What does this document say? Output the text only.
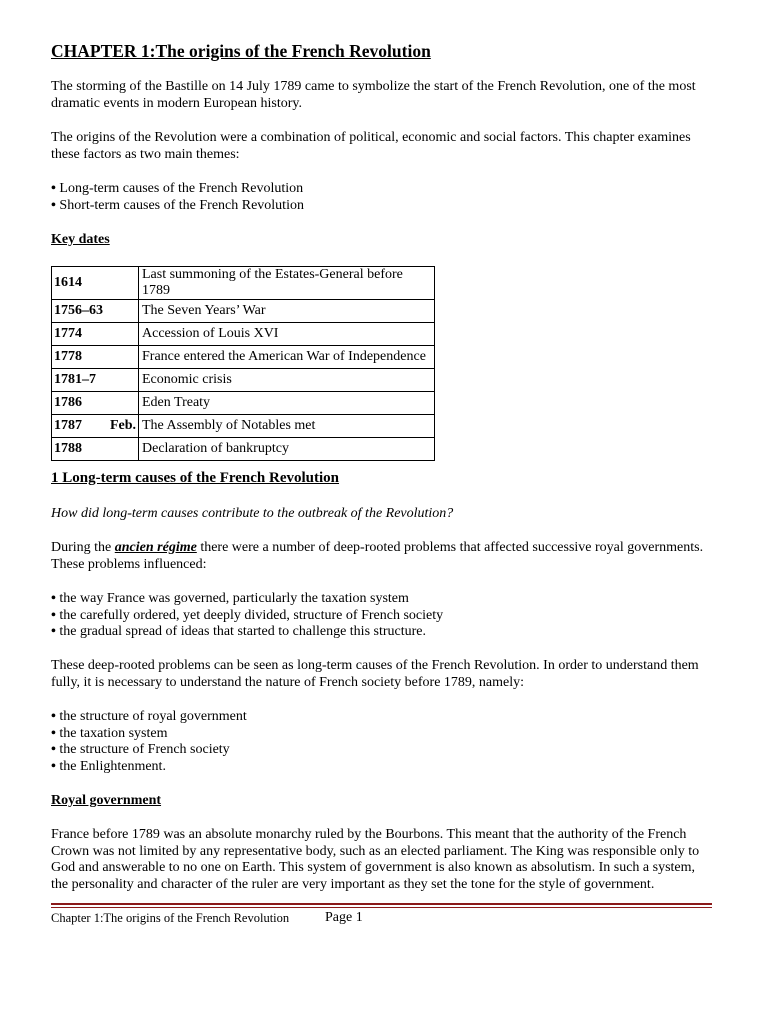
CHAPTER 1:The origins of the French Revolution

The storming of the Bastille on 14 July 1789 came to symbolize the start of the French Revolution, one of the most dramatic events in modern European history.

The origins of the Revolution were a combination of political, economic and social factors. This chapter examines these factors as two main themes:

• Long-term causes of the French Revolution
• Short-term causes of the French Revolution

Key dates

1614	Last summoning of the Estates-General before 1789
1756–63	The Seven Years’ War
1774	Accession of Louis XVI
1778	France entered the American War of Independence
1781–7	Economic crisis
1786	Eden Treaty

1787 Feb.	The Assembly of Notables met
1788	Declaration of bankruptcy

1 Long-term causes of the French Revolution

How did long-term causes contribute to the outbreak of the Revolution?

During the ancien régime there were a number of deep-rooted problems that affected successive royal governments. These problems influenced:

• the way France was governed, particularly the taxation system
• the carefully ordered, yet deeply divided, structure of French society
• the gradual spread of ideas that started to challenge this structure.

These deep-rooted problems can be seen as long-term causes of the French Revolution. In order to understand them fully, it is necessary to understand the nature of French society before 1789, namely:

• the structure of royal government
• the taxation system
• the structure of French society
• the Enlightenment.

Royal government

France before 1789 was an absolute monarchy ruled by the Bourbons. This meant that the authority of the French Crown was not limited by any representative body, such as an elected parliament. The King was responsible only to God and answerable to no one on Earth. This system of government is also known as absolutism. In such a system, the personality and character of the ruler are very important as they set the tone for the style of government.

Chapter 1:The origins of the French Revolution	Page 1
